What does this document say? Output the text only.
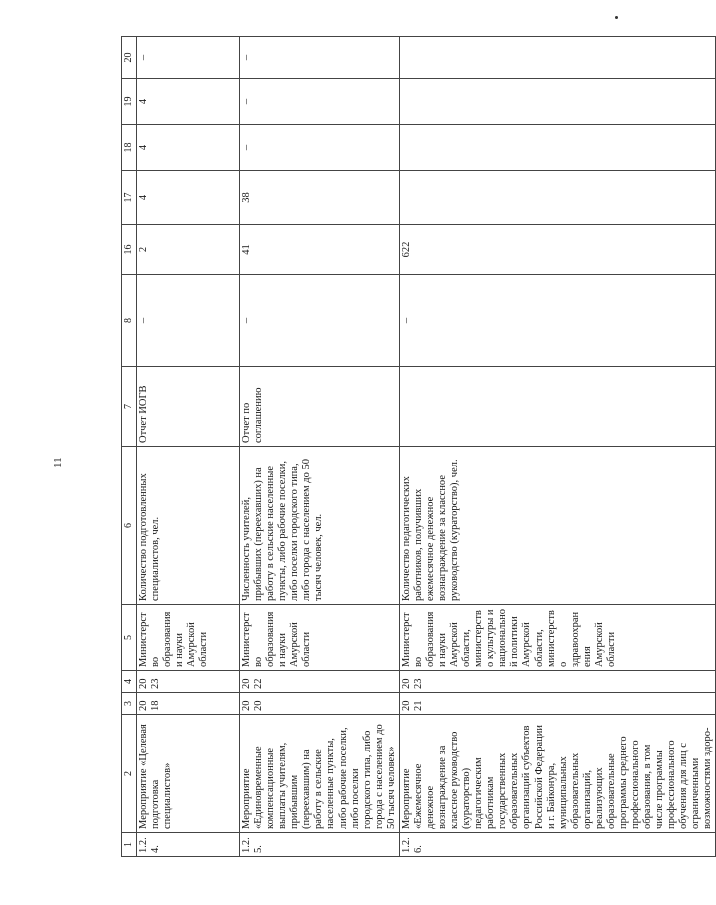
11
1	2	3	4	5	6	7	8	16	17	18	19	20
1.2.4.	Мероприятие «Целевая подготовка специалистов»	2018	2023	Министерство образования и науки Амурской области	Количество подготовленных специалистов, чел.	Отчет ИОГВ	–	2	4	4	4	–
1.2.5.	Мероприятие «Единовременные компенсационные выплаты учителям, прибывшим (переехавшим) на работу в сельские населенные пункты, либо рабочие поселки, либо поселки городского типа, либо города с населением до 50 тысяч человек»	2020	2022	Министерство образования и науки Амурской области	Численность учителей, прибывших (переехавших) на работу в сельские населенные пункты, либо рабочие поселки, либо поселки городского типа, либо города с населением до 50 тысяч человек, чел.	Отчет по соглашению	–	41	38	–	–	–
1.2.6.	Мероприятие «Ежемесячное денежное вознаграждение за классное руководство (кураторство) педагогическим работникам государственных образовательных организаций субъектов Российской Федерации и г. Байконура, муниципальных образовательных организаций, реализующих образовательные программы среднего профессионального образования, в том числе программы профессионального обучения для лиц с ограниченными возможностями здоро-	2021	2023	Министерство образования и науки Амурской области, министерство культуры и национальной политики Амурской области, министерство здравоохранения Амурской области	Количество педагогических работников, получивших ежемесячное денежное вознаграждение за классное руководство (кураторство), чел.		–	622				
